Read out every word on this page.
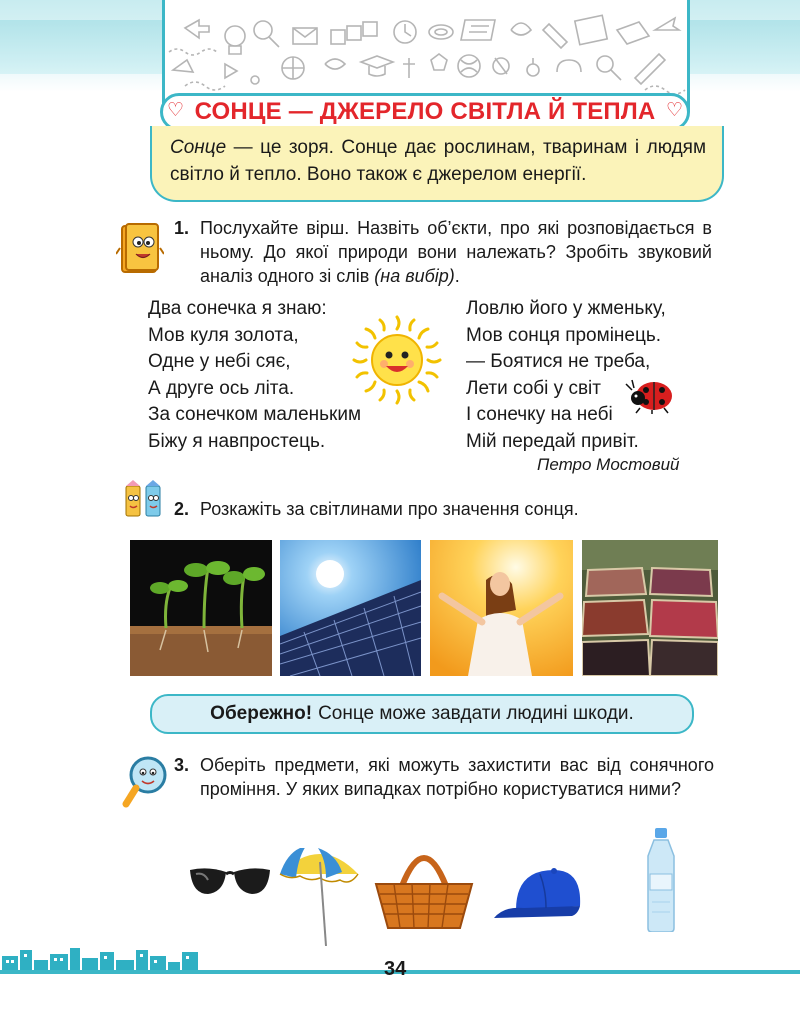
♡ СОНЦЕ — ДЖЕРЕЛО СВІТЛА Й ТЕПЛА ♡
Сонце — це зоря. Сонце дає рослинам, тваринам і людям світло й тепло. Воно також є джерелом енергії.
1. Послухайте вірш. Назвіть об’єкти, про які розповідається в ньому. До якої природи вони належать? Зробіть звуковий аналіз одного зі слів (на вибір).
Два сонечка я знаю:
Мов куля золота,
Одне у небі сяє,
А друге ось літа.
За сонечком маленьким
Біжу я навпростець.
Ловлю його у жменьку,
Мов сонця промінець.
— Боятися не треба,
Лети собі у світ
І сонечку на небі
Мій передай привіт.
Петро Мостовий
2. Розкажіть за світлинами про значення сонця.
Обережно! Сонце може завдати людині шкоди.
3. Оберіть предмети, які можуть захистити вас від сонячного проміння. У яких випадках потрібно користуватися ними?
34
